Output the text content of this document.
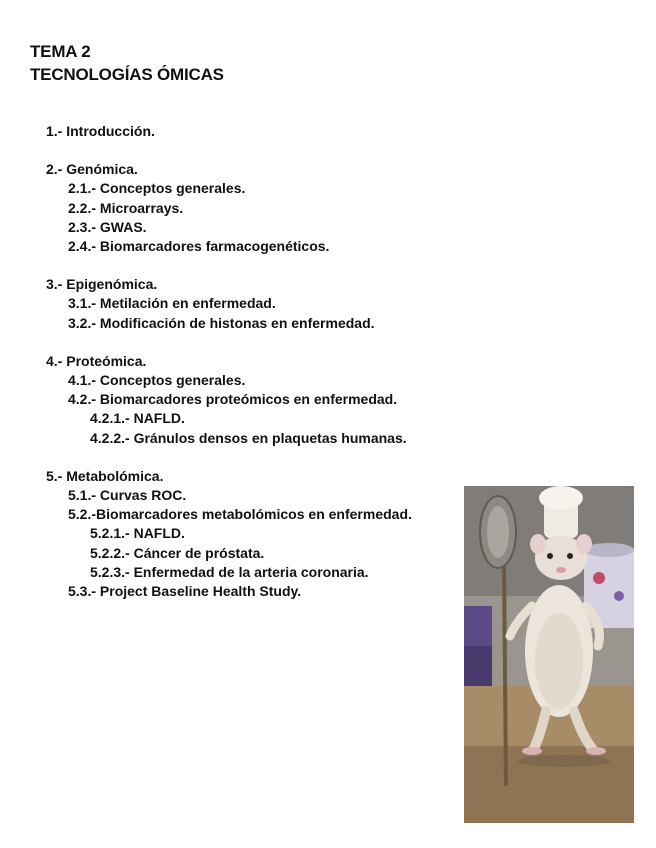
TEMA 2
TECNOLOGÍAS ÓMICAS
1.- Introducción.
2.- Genómica.
2.1.- Conceptos generales.
2.2.- Microarrays.
2.3.- GWAS.
2.4.- Biomarcadores farmacogenéticos.
3.- Epigenómica.
3.1.- Metilación en enfermedad.
3.2.- Modificación de histonas en enfermedad.
4.- Proteómica.
4.1.- Conceptos generales.
4.2.- Biomarcadores proteómicos en enfermedad.
4.2.1.- NAFLD.
4.2.2.- Gránulos densos en plaquetas humanas.
5.- Metabolómica.
5.1.- Curvas ROC.
5.2.-Biomarcadores metabolómicos en enfermedad.
5.2.1.- NAFLD.
5.2.2.- Cáncer de próstata.
5.2.3.- Enfermedad de la arteria coronaria.
5.3.- Project Baseline Health Study.
